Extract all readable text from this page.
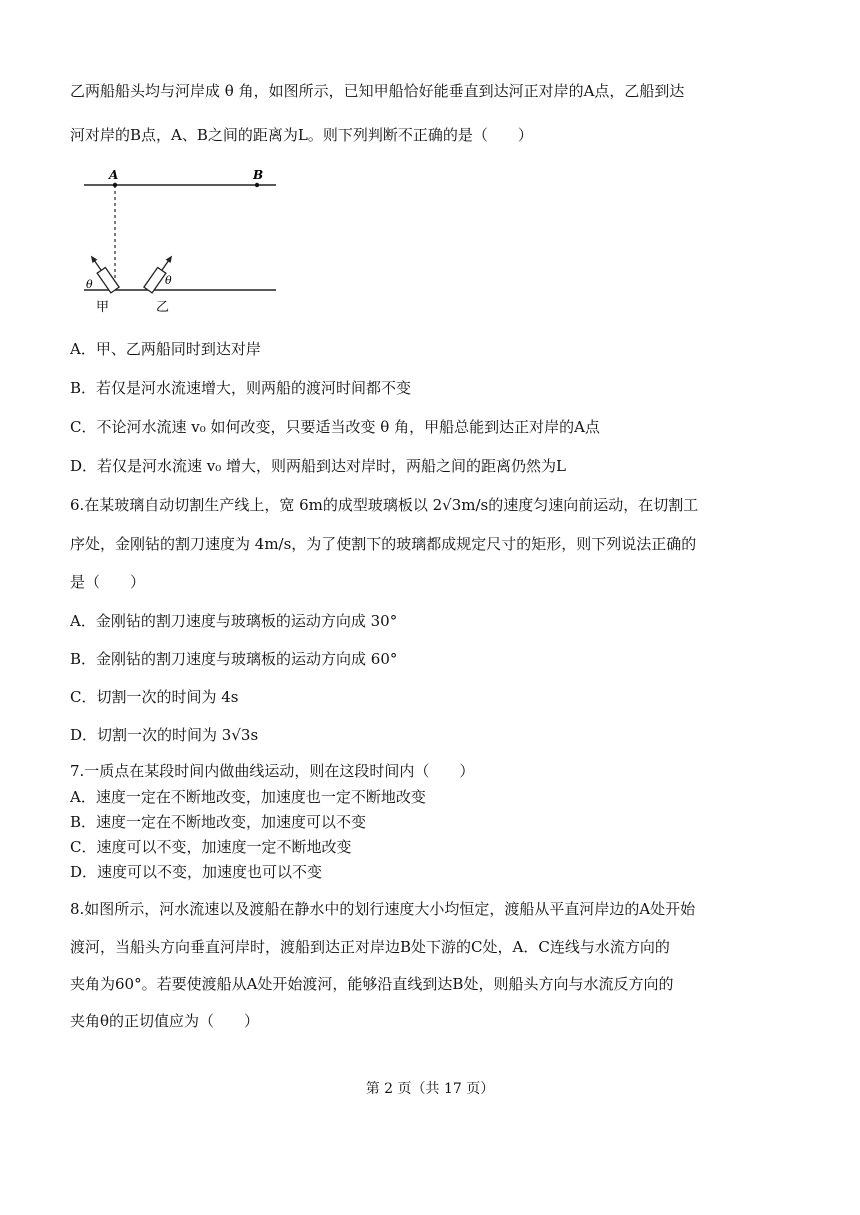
乙两船船头均与河岸成 θ 角，如图所示，已知甲船恰好能垂直到达河正对岸的A点，乙船到达
河对岸的B点，A、B之间的距离为L。则下列判断不正确的是（　　）
A	B
θ	θ
甲	乙
A．甲、乙两船同时到达对岸
B．若仅是河水流速增大，则两船的渡河时间都不变
C．不论河水流速 v₀ 如何改变，只要适当改变 θ 角，甲船总能到达正对岸的A点
D．若仅是河水流速 v₀ 增大，则两船到达对岸时，两船之间的距离仍然为L
6.在某玻璃自动切割生产线上，宽 6m的成型玻璃板以 2√3m/s的速度匀速向前运动，在切割工
序处，金刚钻的割刀速度为 4m/s，为了使割下的玻璃都成规定尺寸的矩形，则下列说法正确的
是（　　）
A．金刚钻的割刀速度与玻璃板的运动方向成 30°
B．金刚钻的割刀速度与玻璃板的运动方向成 60°
C．切割一次的时间为 4s
D．切割一次的时间为 3√3s
7.一质点在某段时间内做曲线运动，则在这段时间内（　　）
A．速度一定在不断地改变，加速度也一定不断地改变
B．速度一定在不断地改变，加速度可以不变
C．速度可以不变，加速度一定不断地改变
D．速度可以不变，加速度也可以不变
8.如图所示，河水流速以及渡船在静水中的划行速度大小均恒定，渡船从平直河岸边的A处开始
渡河，当船头方向垂直河岸时，渡船到达正对岸边B处下游的C处，A．C连线与水流方向的
夹角为60°。若要使渡船从A处开始渡河，能够沿直线到达B处，则船头方向与水流反方向的
夹角θ的正切值应为（　　）
第 2 页（共 17 页）
